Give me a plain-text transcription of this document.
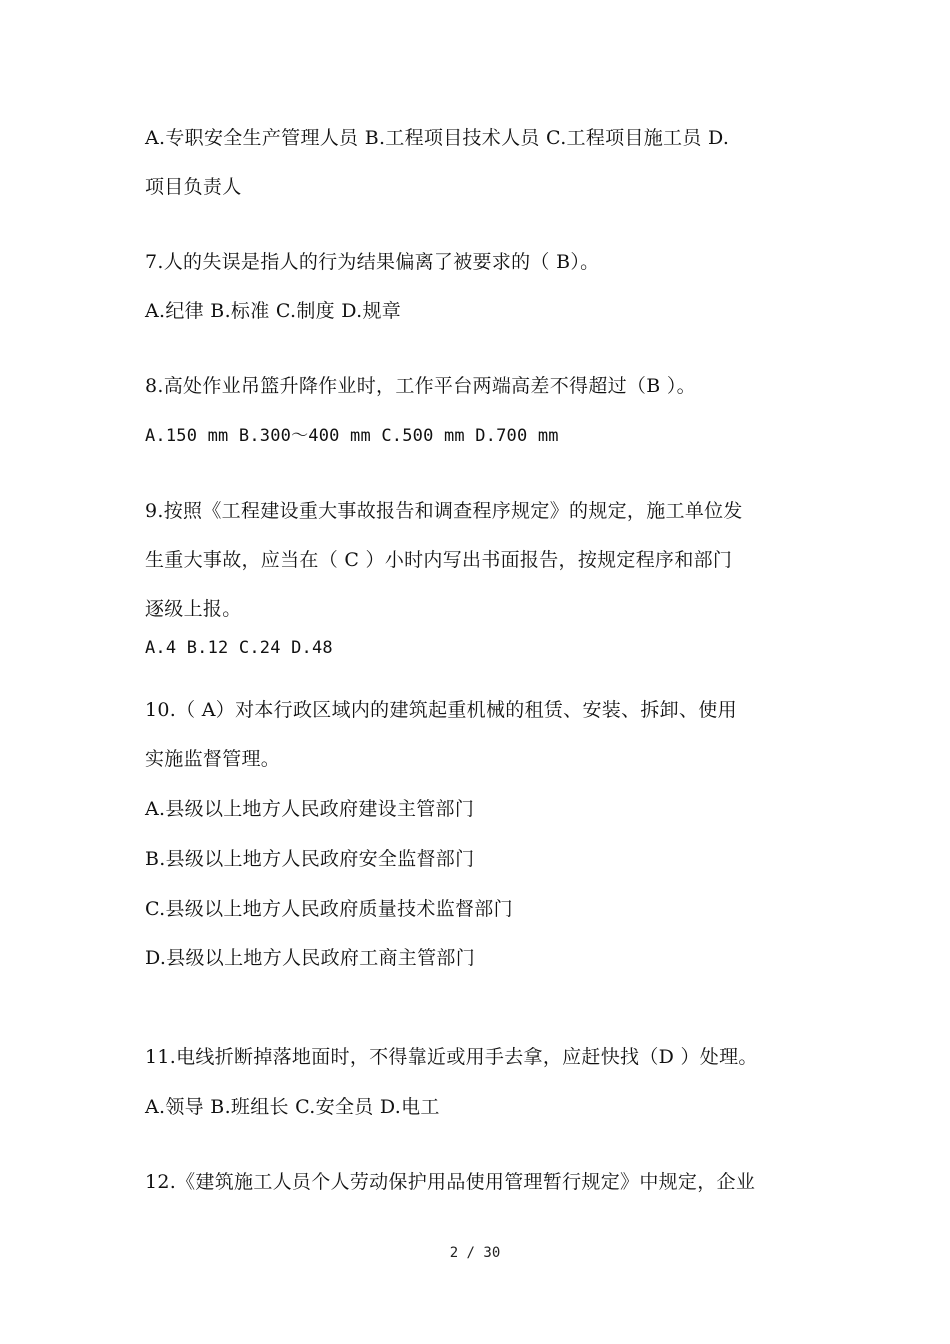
A.专职安全生产管理人员 B.工程项目技术人员 C.工程项目施工员 D.
项目负责人
7.人的失误是指人的行为结果偏离了被要求的（ B）。
A.纪律 B.标准 C.制度 D.规章
8.高处作业吊篮升降作业时，工作平台两端高差不得超过（B ）。
A.150 mm B.300～400 mm C.500 mm D.700 mm
9.按照《工程建设重大事故报告和调查程序规定》的规定，施工单位发
生重大事故，应当在（ C ）小时内写出书面报告，按规定程序和部门
逐级上报。
A.4 B.12 C.24 D.48
10.（ A）对本行政区域内的建筑起重机械的租赁、安装、拆卸、使用
实施监督管理。
A.县级以上地方人民政府建设主管部门
B.县级以上地方人民政府安全监督部门
C.县级以上地方人民政府质量技术监督部门
D.县级以上地方人民政府工商主管部门
11.电线折断掉落地面时，不得靠近或用手去拿，应赶快找（D ）处理。
A.领导 B.班组长 C.安全员 D.电工
12.《建筑施工人员个人劳动保护用品使用管理暂行规定》中规定，企业
2 / 30
